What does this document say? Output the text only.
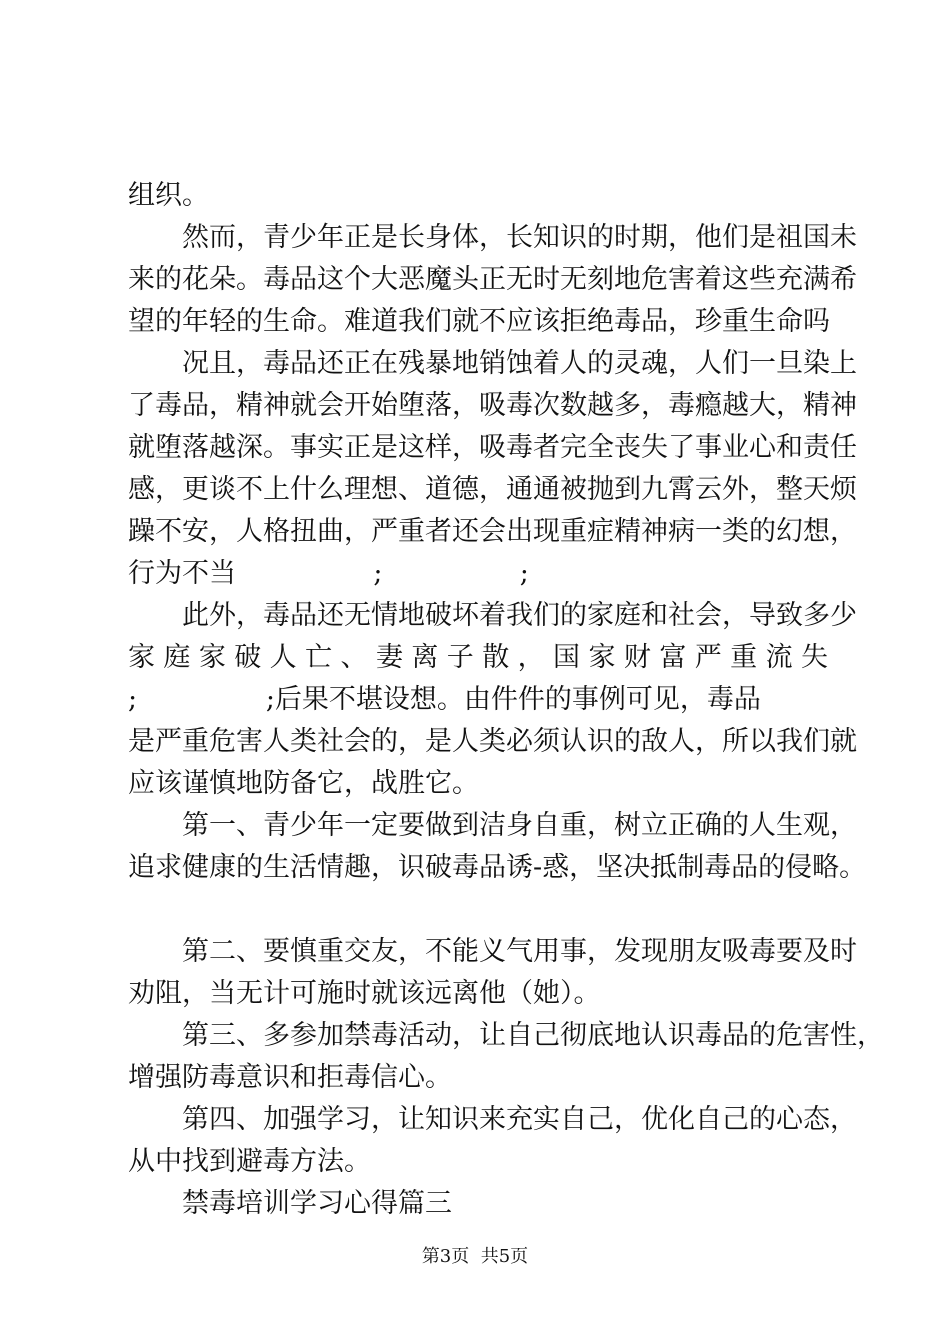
组织。
然而，青少年正是长身体，长知识的时期，他们是祖国未
来的花朵。毒品这个大恶魔头正无时无刻地危害着这些充满希
望的年轻的生命。难道我们就不应该拒绝毒品，珍重生命吗
况且，毒品还正在残暴地销蚀着人的灵魂，人们一旦染上
了毒品，精神就会开始堕落，吸毒次数越多，毒瘾越大，精神
就堕落越深。事实正是这样，吸毒者完全丧失了事业心和责任
感，更谈不上什么理想、道德，通通被抛到九霄云外，整天烦
躁不安，人格扭曲，严重者还会出现重症精神病一类的幻想，
行为不当                ;                ;
此外，毒品还无情地破坏着我们的家庭和社会，导致多少
家庭家破人亡、妻离子散，国家财富严重流失
;               ;后果不堪设想。由件件的事例可见，毒品
是严重危害人类社会的，是人类必须认识的敌人，所以我们就
应该谨慎地防备它，战胜它。
第一、青少年一定要做到洁身自重，树立正确的人生观，
追求健康的生活情趣，识破毒品诱-惑，坚决抵制毒品的侵略。
第二、要慎重交友，不能义气用事，发现朋友吸毒要及时
劝阻，当无计可施时就该远离他（她）。
第三、多参加禁毒活动，让自己彻底地认识毒品的危害性，
增强防毒意识和拒毒信心。
第四、加强学习，让知识来充实自己，优化自己的心态，
从中找到避毒方法。
禁毒培训学习心得篇三
第3页  共5页
